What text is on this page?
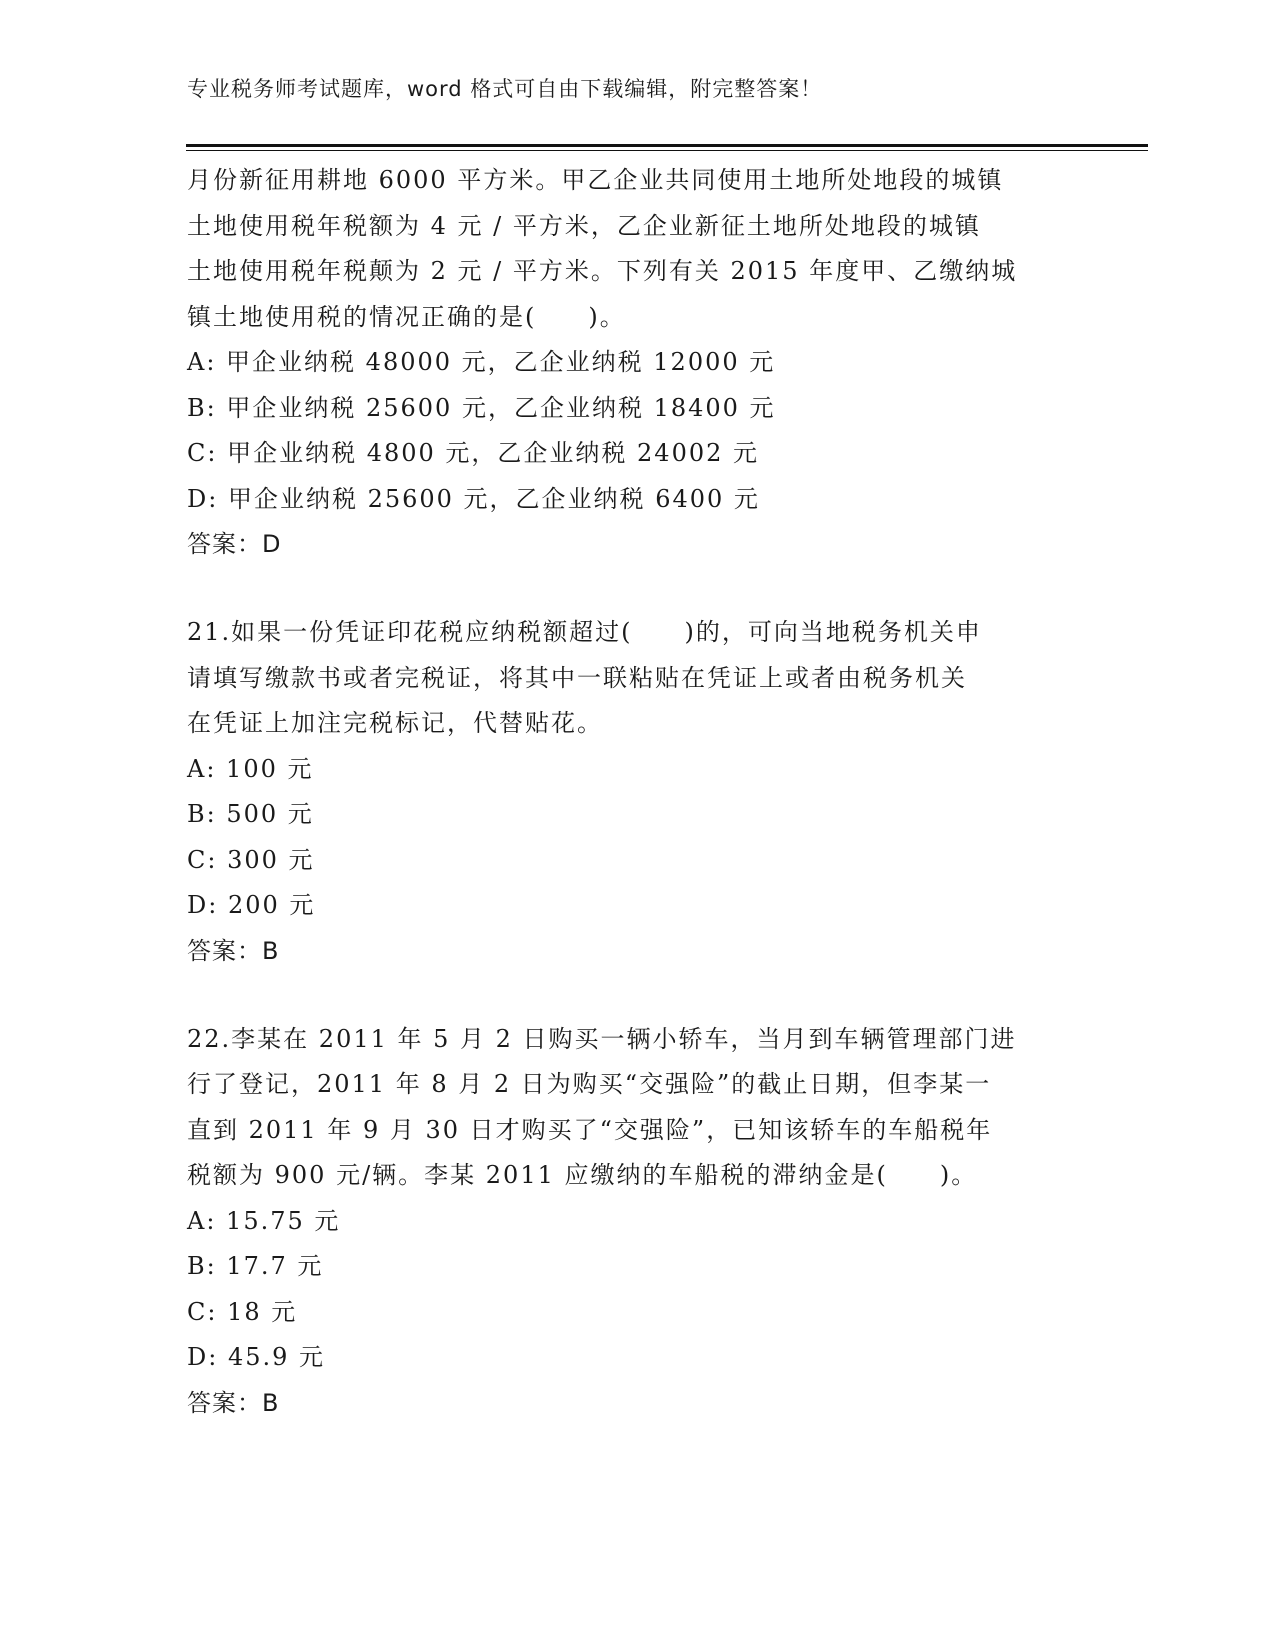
专业税务师考试题库，word 格式可自由下载编辑，附完整答案！
月份新征用耕地 6000 平方米。甲乙企业共同使用土地所处地段的城镇
土地使用税年税额为 4 元 / 平方米，乙企业新征土地所处地段的城镇
土地使用税年税颠为 2 元 / 平方米。下列有关 2015 年度甲、乙缴纳城
镇土地使用税的情况正确的是(　　)。
A: 甲企业纳税 48000 元，乙企业纳税 12000 元
B: 甲企业纳税 25600 元，乙企业纳税 18400 元
C: 甲企业纳税 4800 元，乙企业纳税 24002 元
D: 甲企业纳税 25600 元，乙企业纳税 6400 元
答案：D
21.如果一份凭证印花税应纳税额超过(　　)的，可向当地税务机关申
请填写缴款书或者完税证，将其中一联粘贴在凭证上或者由税务机关
在凭证上加注完税标记，代替贴花。
A: 100 元
B: 500 元
C: 300 元
D: 200 元
答案：B
22.李某在 2011 年 5 月 2 日购买一辆小轿车，当月到车辆管理部门进
行了登记，2011 年 8 月 2 日为购买“交强险”的截止日期，但李某一
直到 2011 年 9 月 30 日才购买了“交强险”，已知该轿车的车船税年
税额为 900 元/辆。李某 2011 应缴纳的车船税的滞纳金是(　　)。
A: 15.75 元
B: 17.7 元
C: 18 元
D: 45.9 元
答案：B
